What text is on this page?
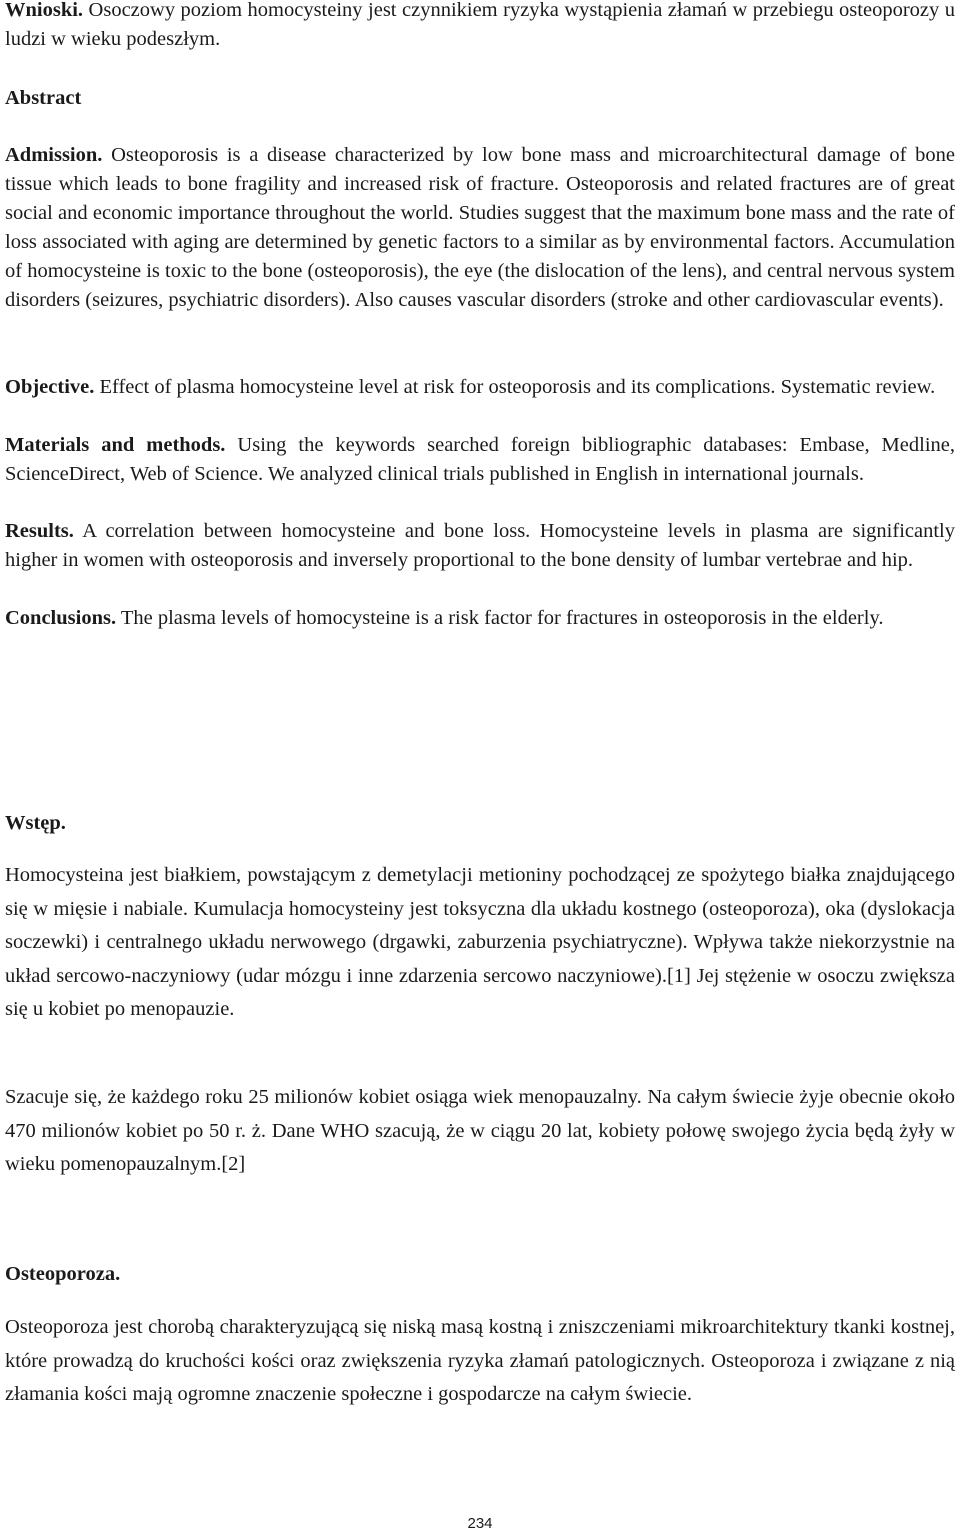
Wnioski. Osoczowy poziom homocysteiny jest czynnikiem ryzyka wystąpienia złamań w przebiegu osteoporozy u ludzi w wieku podeszłym.

Abstract

Admission. Osteoporosis is a disease characterized by low bone mass and microarchitectural damage of bone tissue which leads to bone fragility and increased risk of fracture. Osteoporosis and related fractures are of great social and economic importance throughout the world. Studies suggest that the maximum bone mass and the rate of loss associated with aging are determined by genetic factors to a similar as by environmental factors. Accumulation of homocysteine is toxic to the bone (osteoporosis), the eye (the dislocation of the lens), and central nervous system disorders (seizures, psychiatric disorders). Also causes vascular disorders (stroke and other cardiovascular events).

Objective. Effect of plasma homocysteine level at risk for osteoporosis and its complications. Systematic review.

Materials and methods. Using the keywords searched foreign bibliographic databases: Embase, Medline, ScienceDirect, Web of Science. We analyzed clinical trials published in English in international journals.

Results. A correlation between homocysteine and bone loss. Homocysteine levels in plasma are significantly higher in women with osteoporosis and inversely proportional to the bone density of lumbar vertebrae and hip.

Conclusions. The plasma levels of homocysteine is a risk factor for fractures in osteoporosis in the elderly.

Wstęp.

Homocysteina jest białkiem, powstającym z demetylacji metioniny pochodzącej ze spożytego białka znajdującego się w mięsie i nabiale. Kumulacja homocysteiny jest toksyczna dla układu kostnego (osteoporoza), oka (dyslokacja soczewki) i centralnego układu nerwowego (drgawki, zaburzenia psychiatryczne). Wpływa także niekorzystnie na układ sercowo-naczyniowy (udar mózgu i inne zdarzenia sercowo naczyniowe).[1] Jej stężenie w osoczu zwiększa się u kobiet po menopauzie.

Szacuje się, że każdego roku 25 milionów kobiet osiąga wiek menopauzalny. Na całym świecie żyje obecnie około 470 milionów kobiet po 50 r. ż. Dane WHO szacują, że w ciągu 20 lat, kobiety połowę swojego życia będą żyły w wieku pomenopauzalnym.[2]

Osteoporoza.

Osteoporoza jest chorobą charakteryzującą się niską masą kostną i zniszczeniami mikroarchitektury tkanki kostnej, które prowadzą do kruchości kości oraz zwiększenia ryzyka złamań patologicznych. Osteoporoza i związane z nią złamania kości mają ogromne znaczenie społeczne i gospodarcze na całym świecie.

234
